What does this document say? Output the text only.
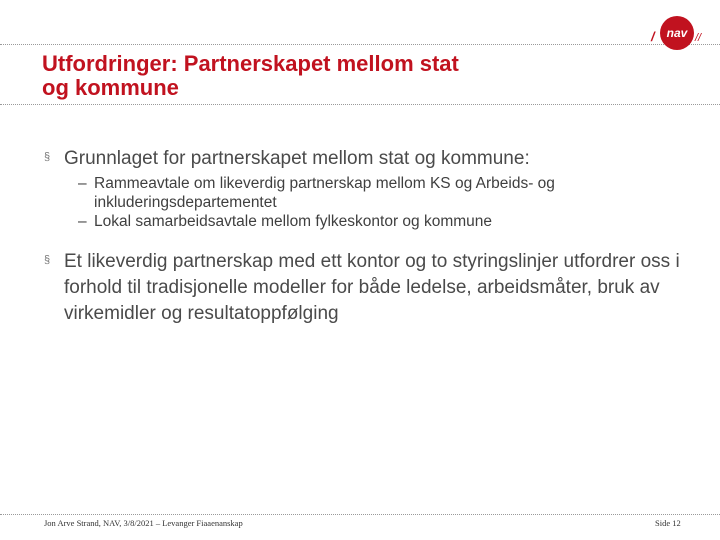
/ nav //
Utfordringer: Partnerskapet mellom stat
og kommune
§ Grunnlaget for partnerskapet mellom stat og kommune:
– Rammeavtale om likeverdig partnerskap mellom KS og Arbeids- og inkluderingsdepartementet
– Lokal samarbeidsavtale mellom fylkeskontor og kommune
§ Et likeverdig partnerskap med ett kontor og to styringslinjer utfordrer oss i forhold til tradisjonelle modeller for både ledelse, arbeidsmåter, bruk av virkemidler og resultatoppfølging
Jon Arve Strand, NAV, 3/8/2021 – Levanger Fiaaenanskap	Side 12
